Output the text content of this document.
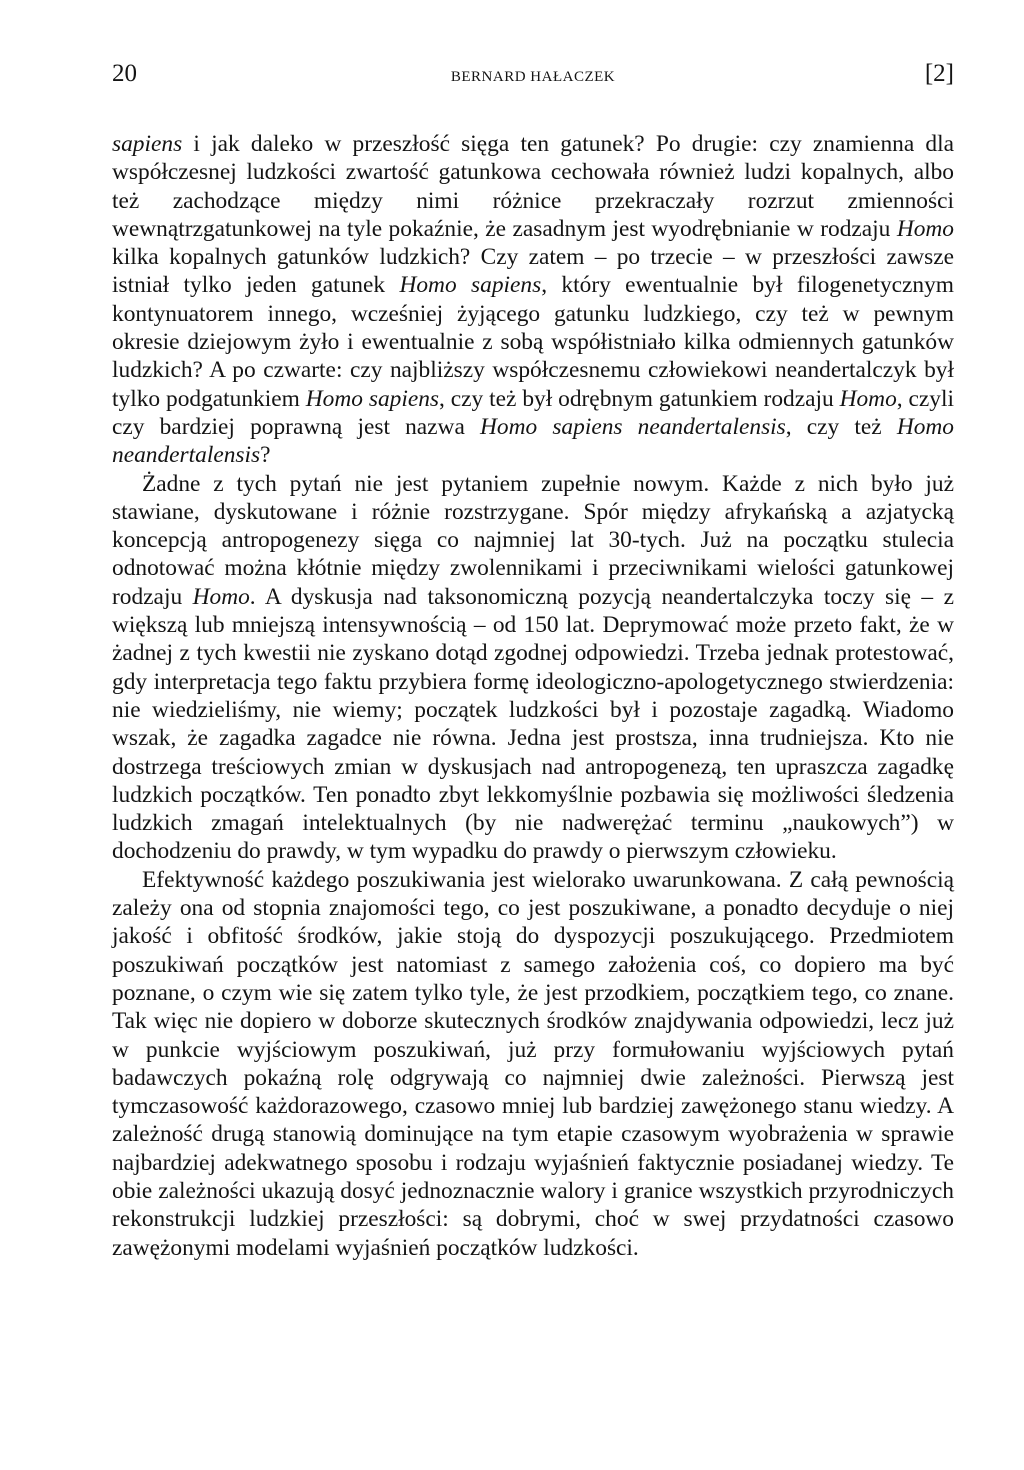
20	BERNARD HAŁACZEK	[2]

sapiens i jak daleko w przeszłość sięga ten gatunek? Po drugie: czy znamienna dla współczesnej ludzkości zwartość gatunkowa cechowała również ludzi kopalnych, albo też zachodzące między nimi różnice przekraczały rozrzut zmienności wewnątrzgatunkowej na tyle pokaźnie, że zasadnym jest wyodrębnianie w rodzaju Homo kilka kopalnych gatunków ludzkich? Czy zatem – po trzecie – w przeszłości zawsze istniał tylko jeden gatunek Homo sapiens, który ewentualnie był filogenetycznym kontynuatorem innego, wcześniej żyjącego gatunku ludzkiego, czy też w pewnym okresie dziejowym żyło i ewentualnie z sobą współistniało kilka odmiennych gatunków ludzkich? A po czwarte: czy najbliższy współczesnemu człowiekowi neandertalczyk był tylko podgatunkiem Homo sapiens, czy też był odrębnym gatunkiem rodzaju Homo, czyli czy bardziej poprawną jest nazwa Homo sapiens neandertalensis, czy też Homo neandertalensis?

Żadne z tych pytań nie jest pytaniem zupełnie nowym. Każde z nich było już stawiane, dyskutowane i różnie rozstrzygane. Spór między afrykańską a azjatycką koncepcją antropogenezy sięga co najmniej lat 30-tych. Już na początku stulecia odnotować można kłótnie między zwolennikami i przeciwnikami wielości gatunkowej rodzaju Homo. A dyskusja nad taksonomiczną pozycją neandertalczyka toczy się – z większą lub mniejszą intensywnością – od 150 lat. Deprymować może przeto fakt, że w żadnej z tych kwestii nie zyskano dotąd zgodnej odpowiedzi. Trzeba jednak protestować, gdy interpretacja tego faktu przybiera formę ideologiczno-apologetycznego stwierdzenia: nie wiedzieliśmy, nie wiemy; początek ludzkości był i pozostaje zagadką. Wiadomo wszak, że zagadka zagadce nie równa. Jedna jest prostsza, inna trudniejsza. Kto nie dostrzega treściowych zmian w dyskusjach nad antropogenezą, ten upraszcza zagadkę ludzkich początków. Ten ponadto zbyt lekkomyślnie pozbawia się możliwości śledzenia ludzkich zmagań intelektualnych (by nie nadwerężać terminu „naukowych”) w dochodzeniu do prawdy, w tym wypadku do prawdy o pierwszym człowieku.

Efektywność każdego poszukiwania jest wielorako uwarunkowana. Z całą pewnością zależy ona od stopnia znajomości tego, co jest poszukiwane, a ponadto decyduje o niej jakość i obfitość środków, jakie stoją do dyspozycji poszukującego. Przedmiotem poszukiwań początków jest natomiast z samego założenia coś, co dopiero ma być poznane, o czym wie się zatem tylko tyle, że jest przodkiem, początkiem tego, co znane. Tak więc nie dopiero w doborze skutecznych środków znajdywania odpowiedzi, lecz już w punkcie wyjściowym poszukiwań, już przy formułowaniu wyjściowych pytań badawczych pokaźną rolę odgrywają co najmniej dwie zależności. Pierwszą jest tymczasowość każdorazowego, czasowo mniej lub bardziej zawężonego stanu wiedzy. A zależność drugą stanowią dominujące na tym etapie czasowym wyobrażenia w sprawie najbardziej adekwatnego sposobu i rodzaju wyjaśnień faktycznie posiadanej wiedzy. Te obie zależności ukazują dosyć jednoznacznie walory i granice wszystkich przyrodniczych rekonstrukcji ludzkiej przeszłości: są dobrymi, choć w swej przydatności czasowo zawężonymi modelami wyjaśnień początków ludzkości.
